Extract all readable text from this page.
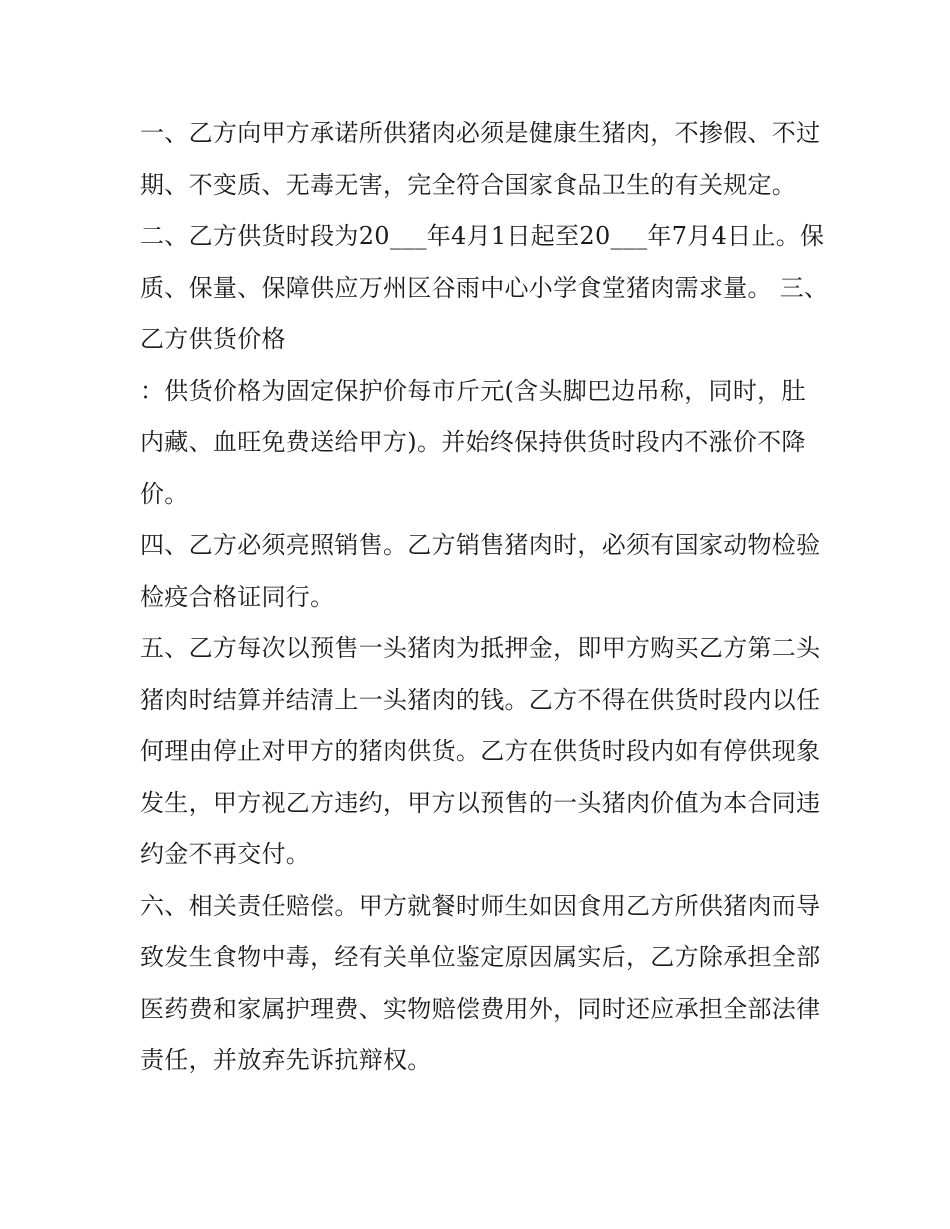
一、乙方向甲方承诺所供猪肉必须是健康生猪肉，不掺假、不过期、不变质、无毒无害，完全符合国家食品卫生的有关规定。

二、乙方供货时段为20___年4月1日起至20___年7月4日止。保质、保量、保障供应万州区谷雨中心小学食堂猪肉需求量。 三、乙方供货价格

：供货价格为固定保护价每市斤元(含头脚巴边吊称，同时，肚内藏、血旺免费送给甲方)。并始终保持供货时段内不涨价不降价。

四、乙方必须亮照销售。乙方销售猪肉时，必须有国家动物检验检疫合格证同行。

五、乙方每次以预售一头猪肉为抵押金，即甲方购买乙方第二头猪肉时结算并结清上一头猪肉的钱。乙方不得在供货时段内以任何理由停止对甲方的猪肉供货。乙方在供货时段内如有停供现象发生，甲方视乙方违约，甲方以预售的一头猪肉价值为本合同违约金不再交付。

六、相关责任赔偿。甲方就餐时师生如因食用乙方所供猪肉而导致发生食物中毒，经有关单位鉴定原因属实后，乙方除承担全部医药费和家属护理费、实物赔偿费用外，同时还应承担全部法律责任，并放弃先诉抗辩权。
